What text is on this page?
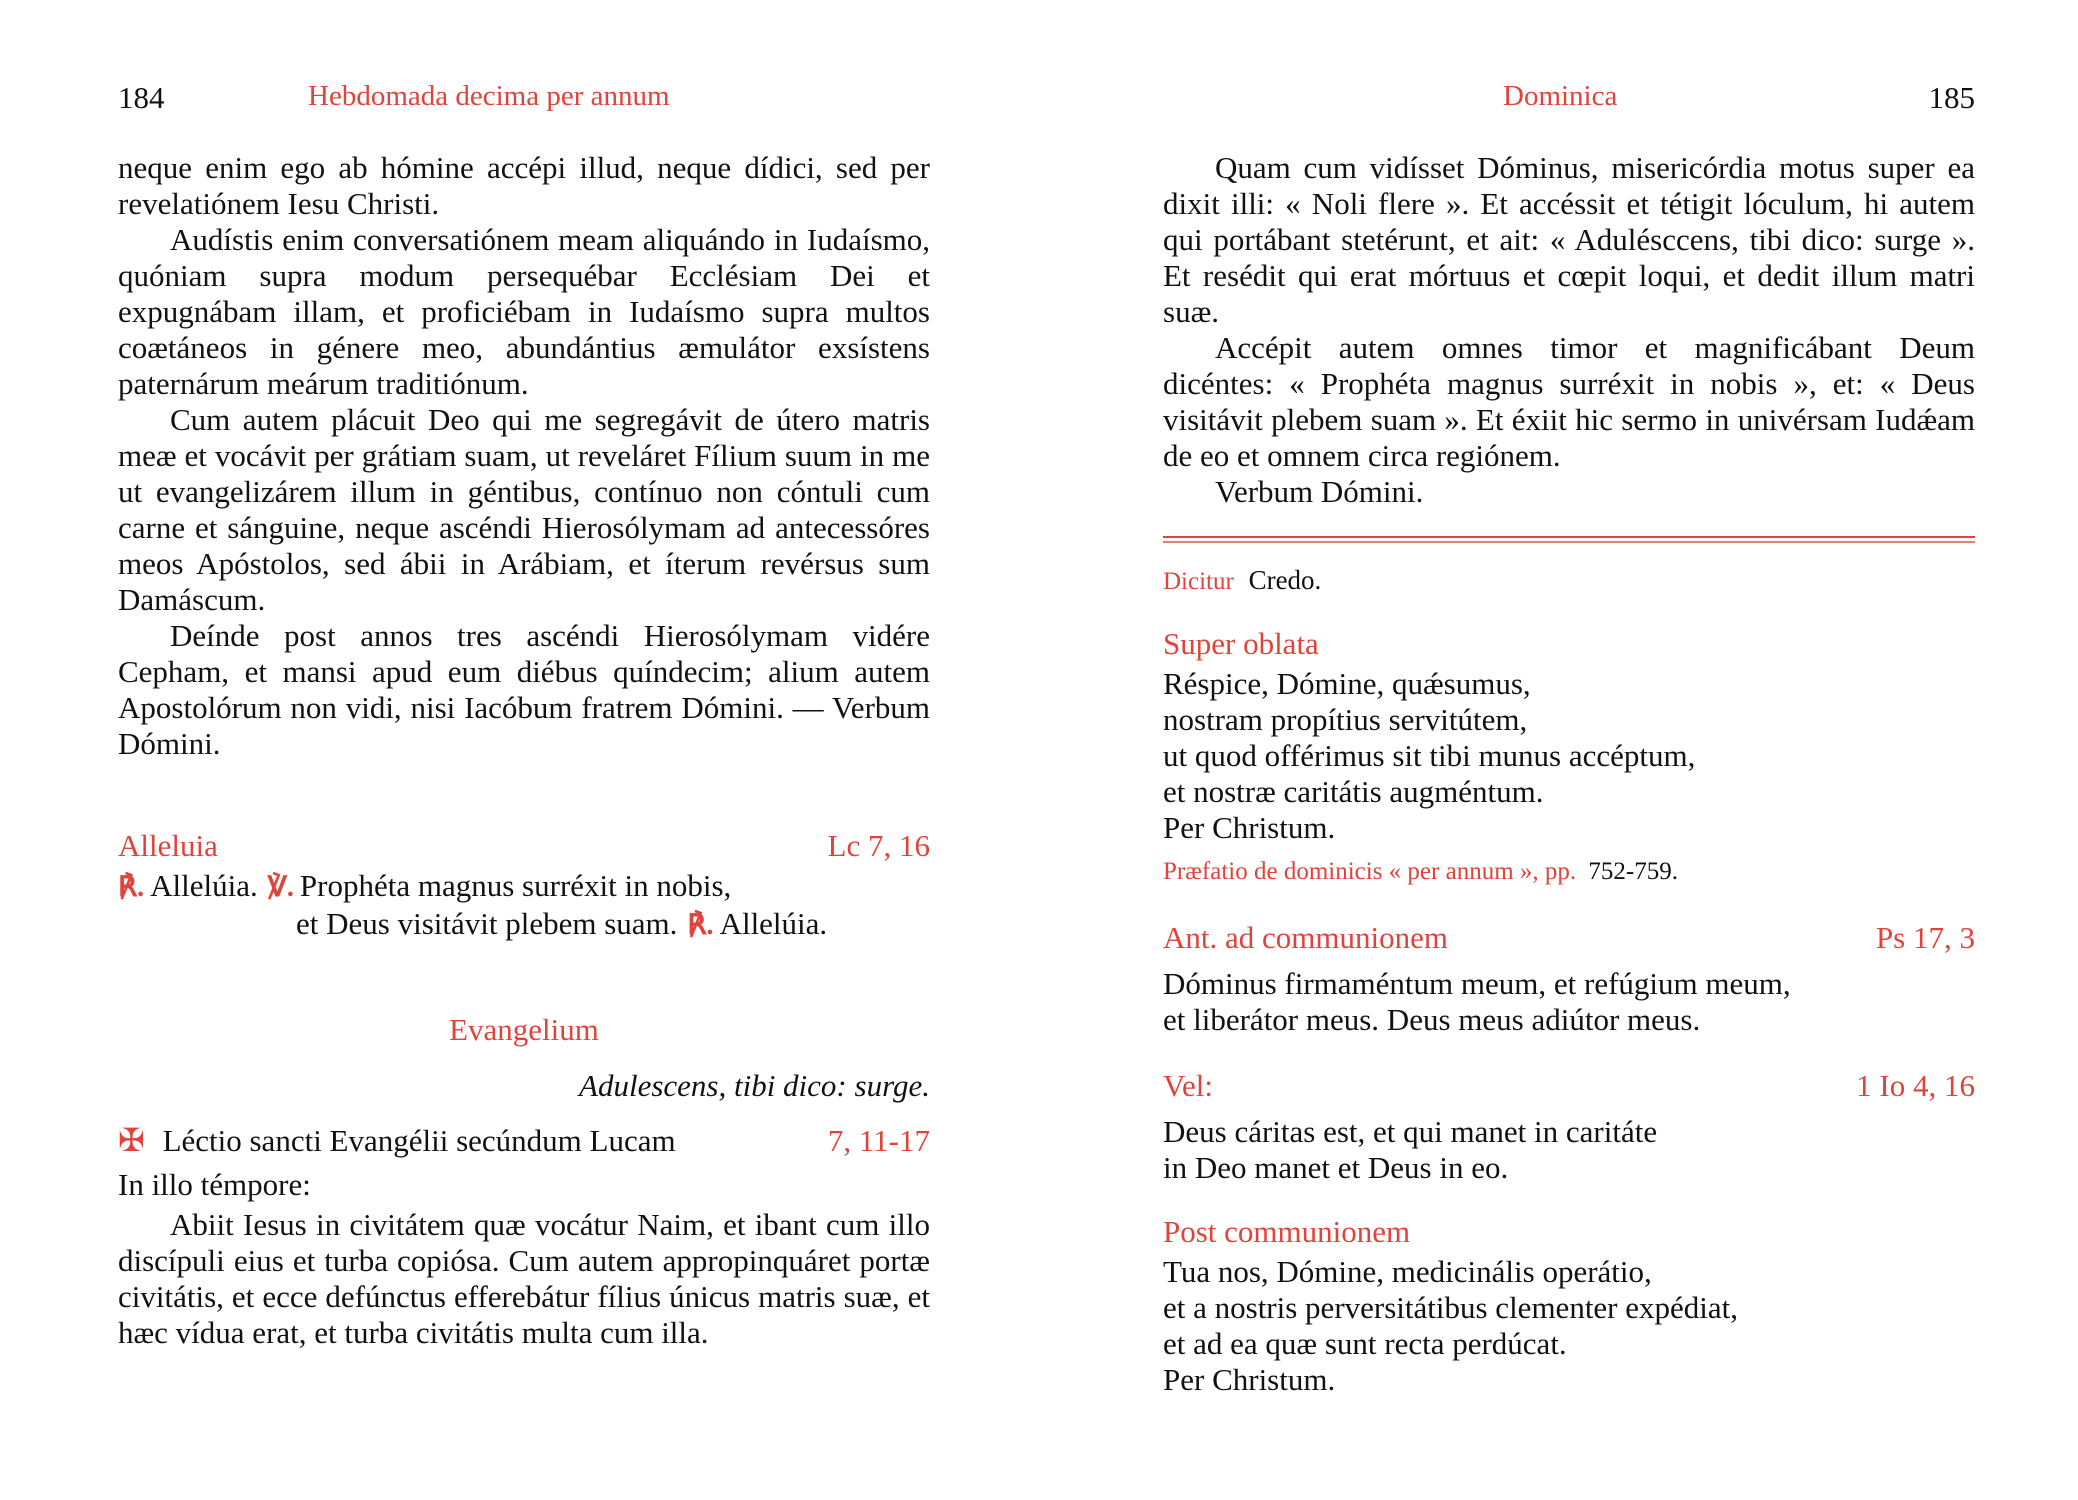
184	Hebdomada decima per annum

neque enim ego ab hómine accépi illud, neque dídici, sed per revelatiónem Iesu Christi.

Audístis enim conversatiónem meam aliquándo in Iudaísmo, quóniam supra modum persequébar Ecclésiam Dei et expugnábam illam, et proficiébam in Iudaísmo supra multos coætáneos in génere meo, abundántius æmulátor exsístens paternárum meárum traditiónum.

Cum autem plácuit Deo qui me segregávit de útero matris meæ et vocávit per grátiam suam, ut reveláret Fílium suum in me ut evangelizárem illum in géntibus, contínuo non cóntuli cum carne et sánguine, neque ascéndi Hierosólymam ad antecessóres meos Apóstolos, sed ábii in Arábiam, et íterum revérsus sum Damáscum.

Deínde post annos tres ascéndi Hierosólymam vidére Cepham, et mansi apud eum diébus quíndecim; alium autem Apostolórum non vidi, nisi Iacóbum fratrem Dómini. — Verbum Dómini.

Alleluia	Lc 7, 16
℟. Allelúia. ℣. Prophéta magnus surréxit in nobis,
et Deus visitávit plebem suam. ℟. Allelúia.
Evangelium
Adulescens, tibi dico: surge.
✠ Léctio sancti Evangélii secúndum Lucam	7, 11-17
In illo témpore:

Abiit Iesus in civitátem quæ vocátur Naim, et ibant cum illo discípuli eius et turba copiósa. Cum autem appropinquáret portæ civitátis, et ecce defúnctus efferebátur fílius únicus matris suæ, et hæc vídua erat, et turba civitátis multa cum illa.

Dominica	185

Quam cum vidísset Dóminus, misericórdia motus super ea dixit illi: « Noli flere ». Et accéssit et tétigit lóculum, hi autem qui portábant stetérunt, et ait: « Adulésccens, tibi dico: surge ». Et resédit qui erat mórtuus et cœpit loqui, et dedit illum matri suæ.

Accépit autem omnes timor et magnificábant Deum dicéntes: « Prophéta magnus surréxit in nobis », et: « Deus visitávit plebem suam ». Et éxiit hic sermo in univérsam Iudǽam de eo et omnem circa regiónem.

Verbum Dómini.

Dicitur Credo.
Super oblata
Réspice, Dómine, quǽsumus,
nostram propítius servitútem,
ut quod offérimus sit tibi munus accéptum,
et nostræ caritátis augméntum.
Per Christum.
Præfatio de dominicis « per annum », pp. 752-759.
Ant. ad communionem	Ps 17, 3
Dóminus firmaméntum meum, et refúgium meum,
et liberátor meus. Deus meus adiútor meus.
Vel:	1 Io 4, 16
Deus cáritas est, et qui manet in caritáte
in Deo manet et Deus in eo.
Post communionem
Tua nos, Dómine, medicinális operátio,
et a nostris perversitátibus clementer expédiat,
et ad ea quæ sunt recta perdúcat.
Per Christum.
